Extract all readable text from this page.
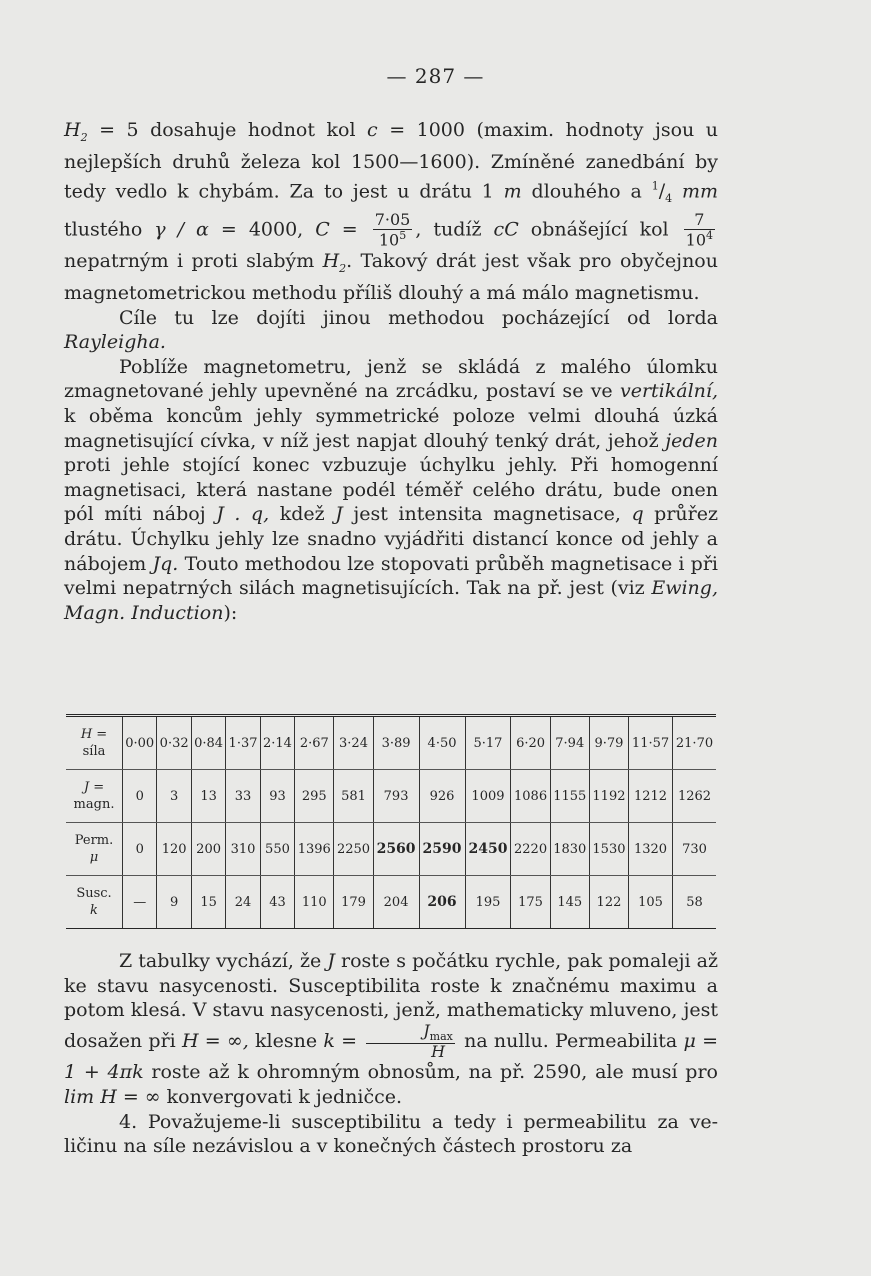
— 287 —

$H_2 = 5$ dosahuje hodnot kol c = 1000 (maxim. hodnoty jsou u nejlepších druhů železa kol 1500—1600). Zmíněné zanedbání by tedy vedlo k chybám. Za to jest u drátu 1 m dlouhého a $^1/_4$ mm tlustého γ / α = 4000, $C = \frac{7\cdot 05}{10^5}$ , tudíž cC obnášející kol $\frac{7}{10^4}$
nepatrným i proti slabým $H_2$. Takový drát jest však pro obyčejnou magnetometrickou methodu příliš dlouhý a má málo magnetismu.

Cíle tu lze dojíti jinou methodou pocházející od lorda Rayleigha.

Poblíže magnetometru, jenž se skládá z malého úlomku zmagnetované jehly upevněné na zrcádku, postaví se ve vertikální, k oběma koncům jehly symmetrické poloze velmi dlouhá úzká magnetisující cívka, v níž jest napjat dlouhý tenký drát, jehož jeden proti jehle stojící konec vzbuzuje úchylku jehly. Při homogenní magnetisaci, která nastane podél téměř celého drátu, bude onen pól míti náboj J . q, kdež J jest intensita magnetisace, q průřez drátu. Úchylku jehly lze snadno vyjádřiti distancí konce od jehly a nábojem Jq. Touto methodou lze stopovati průběh magnetisace i při velmi nepatrných silách magnetisujících. Tak na př. jest (viz Ewing, Magn. Induction):

H =
síla	0·00	0·32	0·84	1·37	2·14	2·67	3·24	3·89	4·50	5·17	6·20	7·94	9·79	11·57	21·70

J =
magn.	0	3	13	33	93	295	581	793	926	1009	1086	1155	1192	1212	1262

Perm.
μ	0	120	200	310	550	1396	2250	2560	2590	2450	2220	1830	1530	1320	730

Susc.
k	—	9	15	24	43	110	179	204	206	195	175	145	122	105	58

Z tabulky vychází, že J roste s počátku rychle, pak pomaleji až ke stavu nasycenosti. Susceptibilita roste k značnému maximu a potom klesá. V stavu nasycenosti, jenž, mathematicky mluveno, jest dosažen při H = ∞, klesne $k = \frac{J_{max}}{H}$ na nullu. Permeabilita μ = 1 + 4πk roste až k ohromným obnosům, na př. 2590, ale musí pro lim H = ∞ konvergovati k jedničce.

4. Považujeme-li susceptibilitu a tedy i permeabilitu za veličinu na síle nezávislou a v konečných částech prostoru za
